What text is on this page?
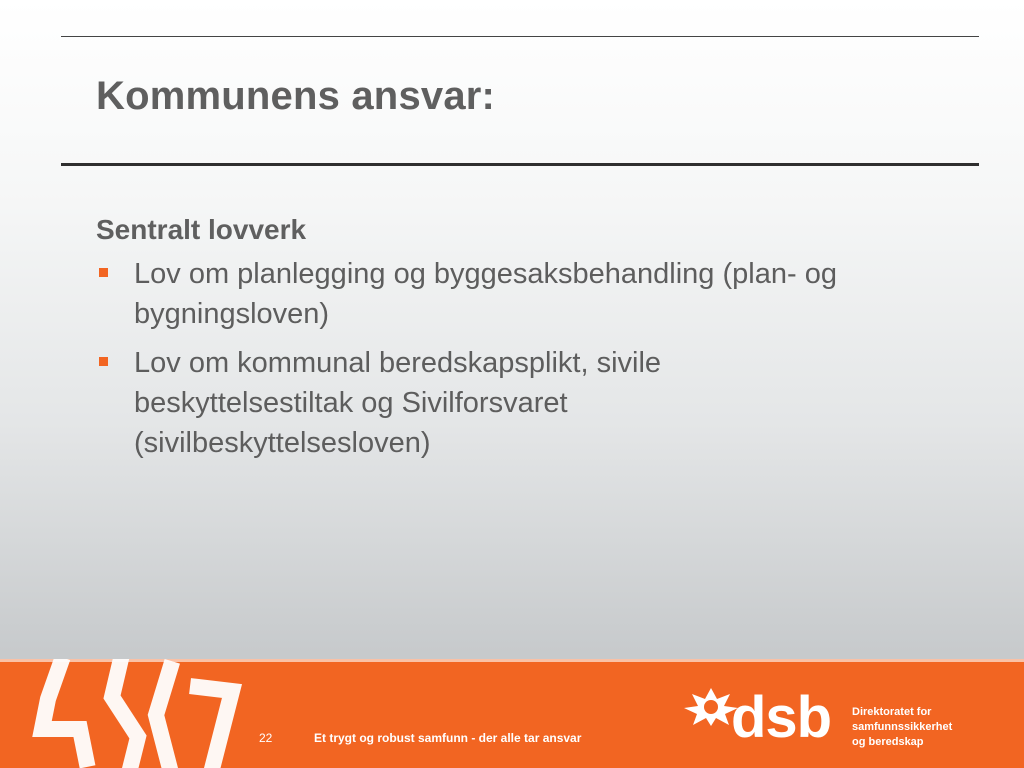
Kommunens ansvar:
Sentralt lovverk
Lov om planlegging og byggesaksbehandling (plan- og bygningsloven)
Lov om kommunal beredskapsplikt, sivile beskyttelsestiltak og Sivilforsvaret (sivilbeskyttelsesloven)
22	Et trygt og robust samfunn - der alle tar ansvar	dsb Direktoratet for
samfunnssikkerhet
og beredskap
